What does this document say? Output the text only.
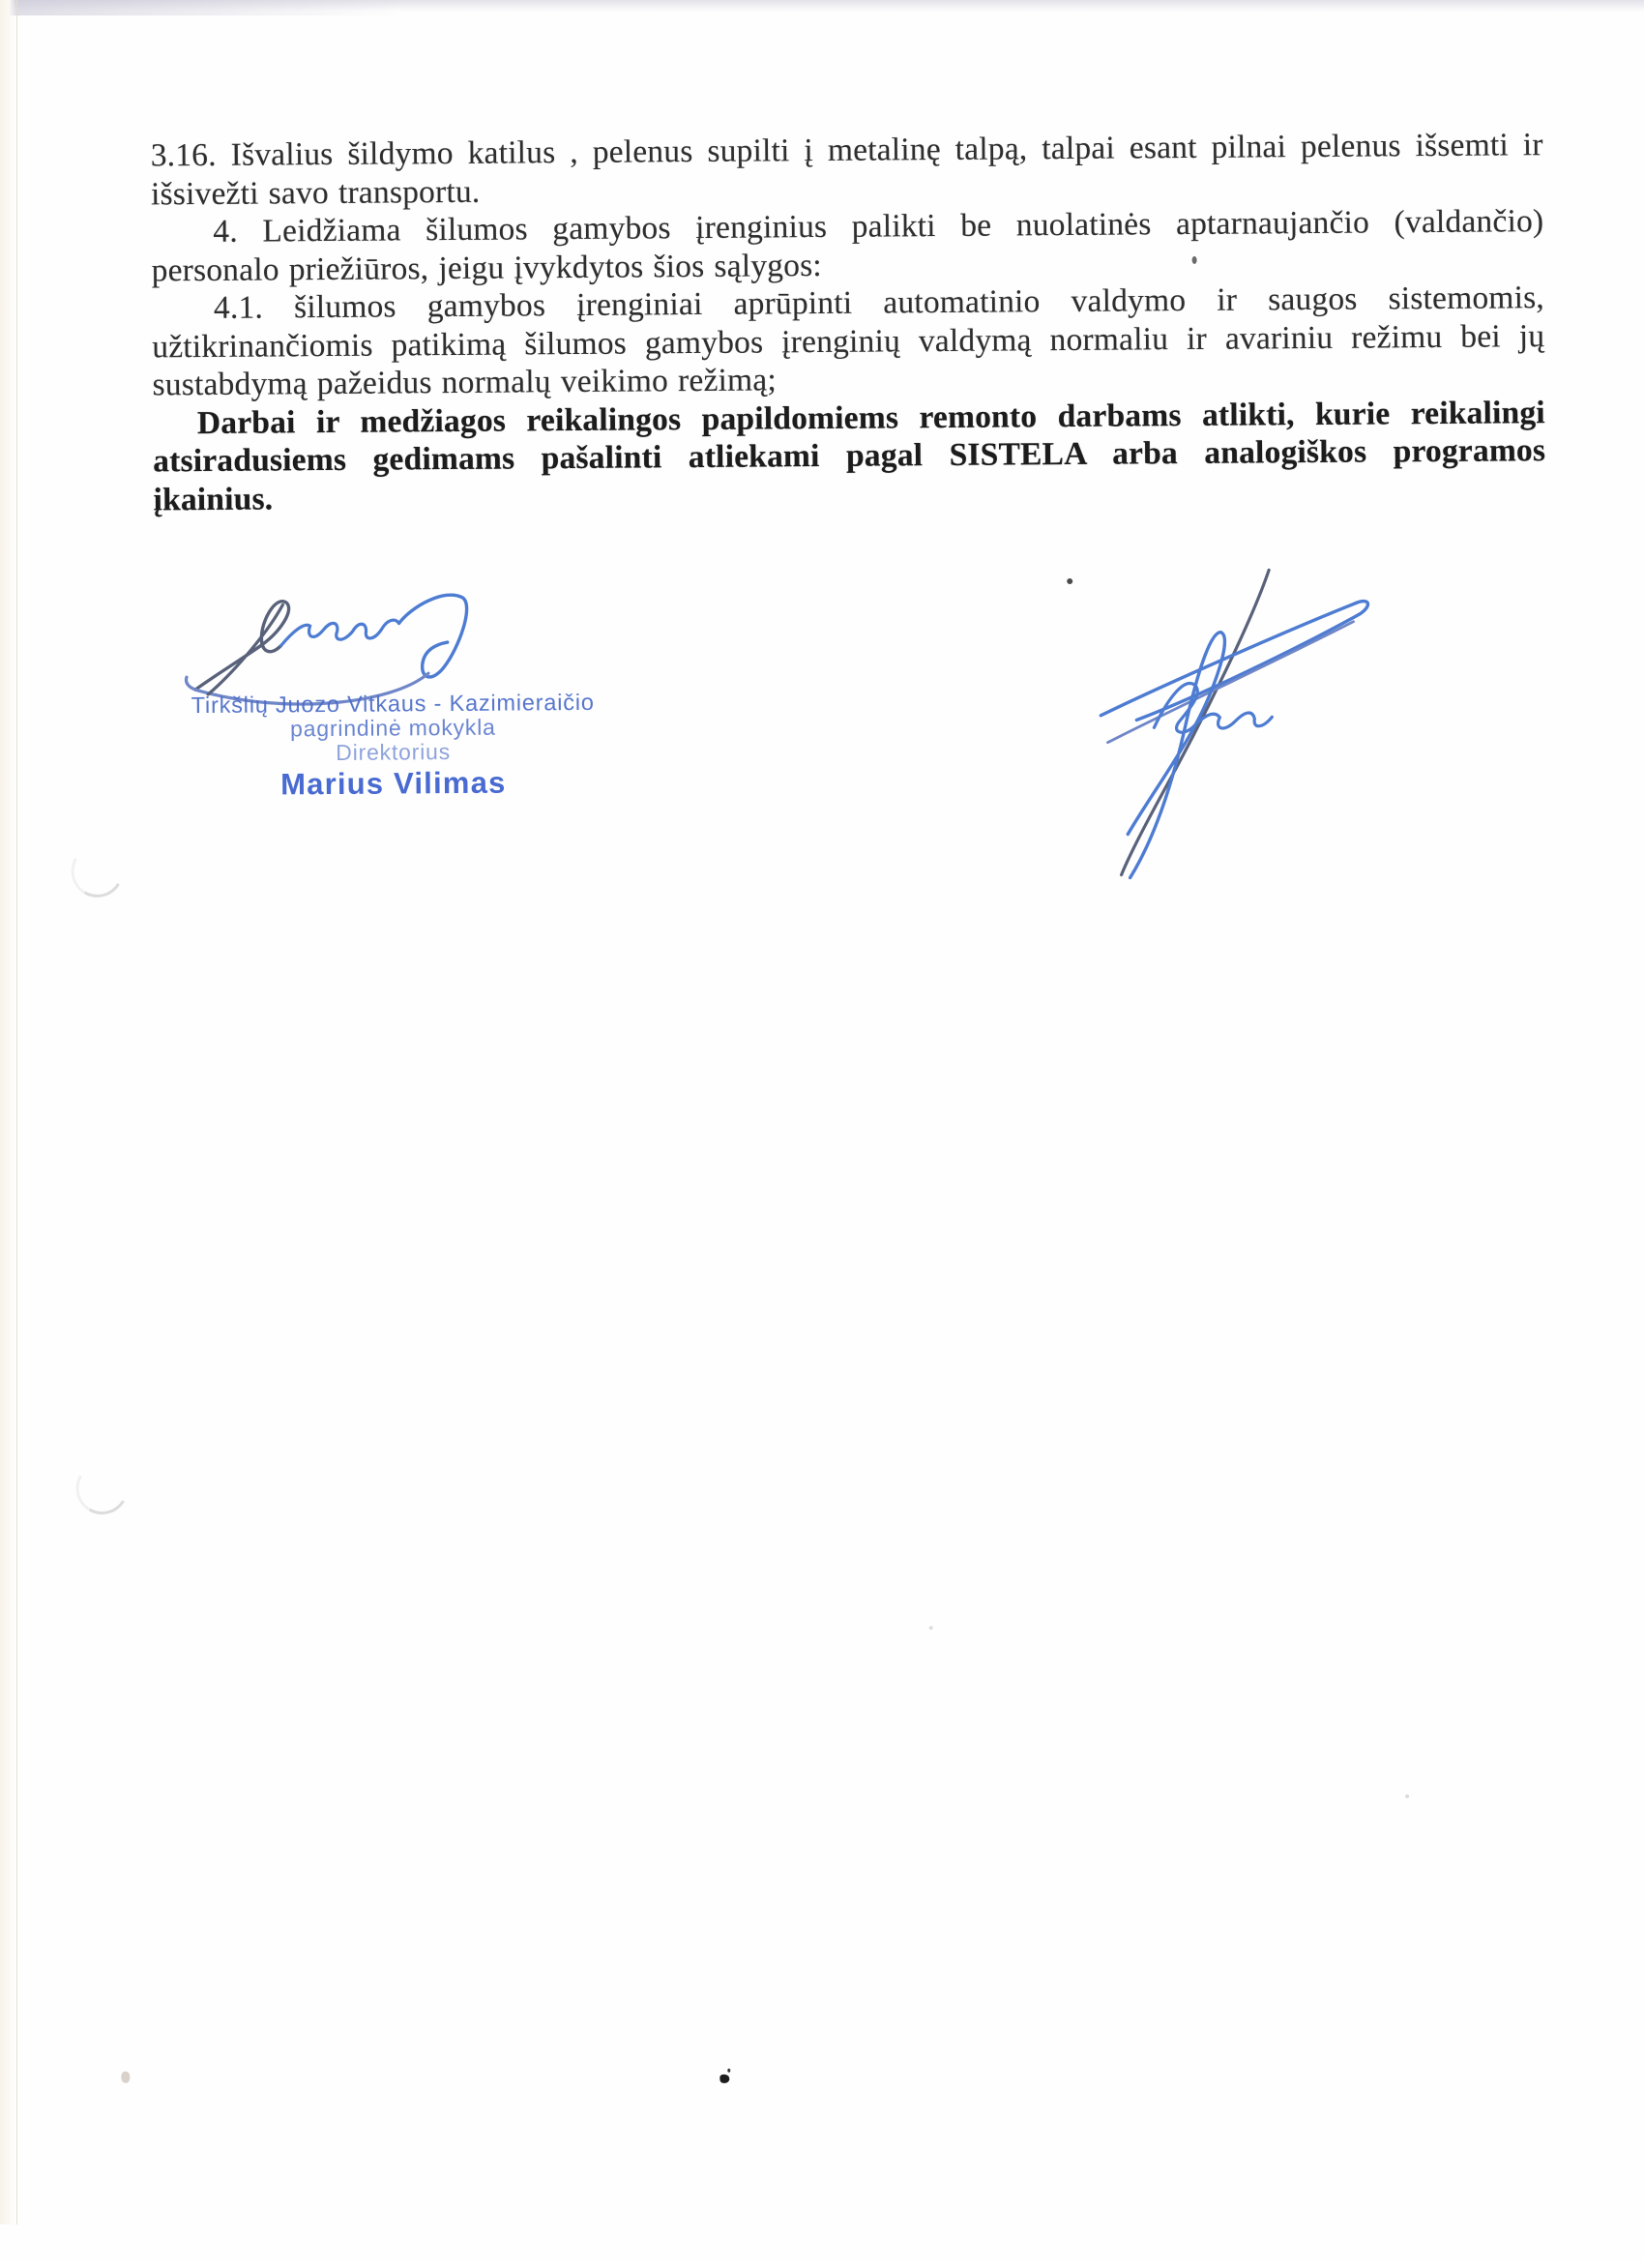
3.16. Išvalius šildymo katilus , pelenus supilti į metalinę talpą, talpai esant pilnai pelenus išsemti ir išsivežti savo transportu.

4. Leidžiama šilumos gamybos įrenginius palikti be nuolatinės aptarnaujančio (valdančio) personalo priežiūros, jeigu įvykdytos šios sąlygos:

4.1. šilumos gamybos įrenginiai aprūpinti automatinio valdymo ir saugos sistemomis, užtikrinančiomis patikimą šilumos gamybos įrenginių valdymą normaliu ir avariniu režimu bei jų sustabdymą pažeidus normalų veikimo režimą;

Darbai ir medžiagos reikalingos papildomiems remonto darbams atlikti, kurie reikalingi atsiradusiems gedimams pašalinti atliekami pagal SISTELA arba analogiškos programos įkainius.

Tirkšlių Juozo Vitkaus - Kazimieraičio
pagrindinė mokykla
Direktorius
Marius Vilimas
